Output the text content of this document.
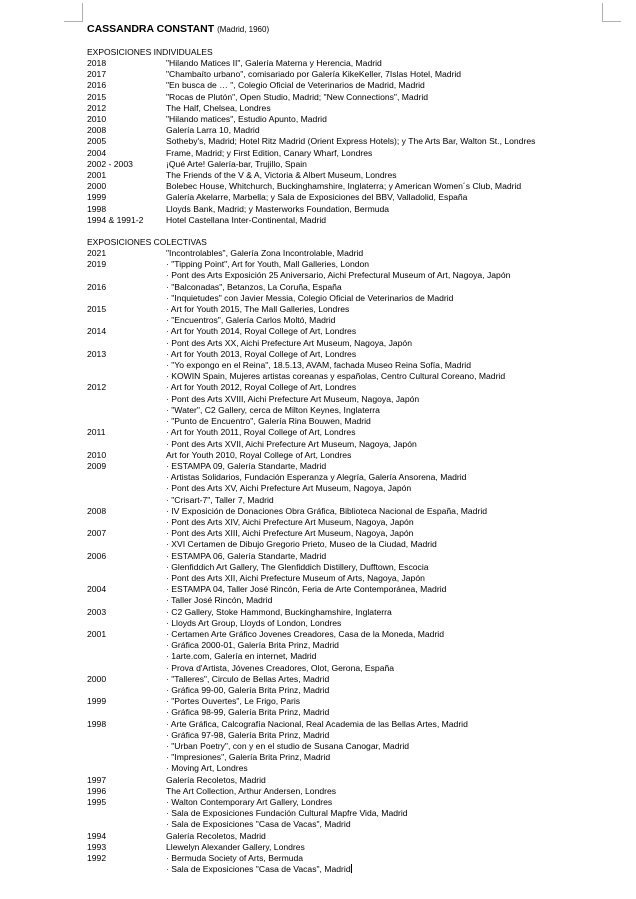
CASSANDRA CONSTANT (Madrid, 1960)
EXPOSICIONES INDIVIDUALES
2018	"Hilando Matices II", Galería Materna y Herencia, Madrid
2017	"Chambaíto urbano", comisariado por Galería KikeKeller, 7Islas Hotel, Madrid
2016	"En busca de … ", Colegio Oficial de Veterinarios de Madrid, Madrid
2015	"Rocas de Plutón", Open Studio, Madrid; "New Connections", Madrid
2012	The Half, Chelsea, Londres
2010	"Hilando matices", Estudio Apunto, Madrid
2008	Galería Larra 10, Madrid
2005	Sotheby's, Madrid; Hotel Ritz Madrid (Orient Express Hotels); y The Arts Bar, Walton St., Londres
2004	Frame, Madrid; y First Edition, Canary Wharf, Londres
2002 - 2003	¡Qué Arte! Galería-bar, Trujillo, Spain
2001	The Friends of the V & A, Victoria & Albert Museum, Londres
2000	Bolebec House, Whitchurch, Buckinghamshire, Inglaterra; y American Women´s Club, Madrid
1999	Galería Akelarre, Marbella; y Sala de Exposiciones del BBV, Valladolid, España
1998	Lloyds Bank, Madrid; y Masterworks Foundation, Bermuda
1994 & 1991-2	Hotel Castellana Inter-Continental, Madrid
EXPOSICIONES COLECTIVAS
2021	"Incontrolables", Galería Zona Incontrolable, Madrid
2019	· "Tipping Point", Art for Youth, Mall Galleries, London
· Pont des Arts Exposición 25 Aniversario, Aichi Prefectural Museum of Art, Nagoya, Japón
2016	· "Balconadas", Betanzos, La Coruña, España
· "Inquietudes" con Javier Messia, Colegio Oficial de Veterinarios de Madrid
2015	· Art for Youth 2015, The Mall Galleries, Londres
· "Encuentros", Galería Carlos Moltó, Madrid
2014	· Art for Youth 2014, Royal College of Art, Londres
· Pont des Arts XX, Aichi Prefecture Art Museum, Nagoya, Japón
2013	· Art for Youth 2013, Royal College of Art, Londres
· "Yo expongo en el Reina", 18.5.13, AVAM, fachada Museo Reina Sofía, Madrid
· KOWIN Spain, Mujeres artistas coreanas y españolas, Centro Cultural Coreano, Madrid
2012	· Art for Youth 2012, Royal College of Art, Londres
· Pont des Arts XVIII, Aichi Prefecture Art Museum, Nagoya, Japón
· "Water", C2 Gallery, cerca de Milton Keynes, Inglaterra
· "Punto de Encuentro", Galería Rina Bouwen, Madrid
2011	· Art for Youth 2011, Royal College of Art, Londres
· Pont des Arts XVII, Aichi Prefecture Art Museum, Nagoya, Japón
2010	Art for Youth 2010, Royal College of Art, Londres
2009	· ESTAMPA 09, Galería Standarte, Madrid
· Artistas Solidarios, Fundación Esperanza y Alegría, Galería Ansorena, Madrid
· Pont des Arts XV, Aichi Prefecture Art Museum, Nagoya, Japón
· "Crisart-7", Taller 7, Madrid
2008	· IV Exposición de Donaciones Obra Gráfica, Biblioteca Nacional de España, Madrid
· Pont des Arts XIV, Aichi Prefecture Art Museum, Nagoya, Japón
2007	· Pont des Arts XIII, Aichi Prefecture Art Museum, Nagoya, Japón
· XVI Certamen de Dibujo Gregorio Prieto, Museo de la Ciudad, Madrid
2006	· ESTAMPA 06, Galería Standarte, Madrid
· Glenfiddich Art Gallery, The Glenfiddich Distillery, Dufftown, Escocia
· Pont des Arts XII, Aichi Prefecture Museum of Arts, Nagoya, Japón
2004	· ESTAMPA 04, Taller José Rincón, Feria de Arte Contemporánea, Madrid
· Taller José Rincón, Madrid
2003	· C2 Gallery, Stoke Hammond, Buckinghamshire, Inglaterra
· Lloyds Art Group, Lloyds of London, Londres
2001	· Certamen Arte Gráfico Jovenes Creadores, Casa de la Moneda, Madrid
· Gráfica 2000-01, Galería Brita Prinz, Madrid
· 1arte.com, Galería en internet, Madrid
· Prova d'Artista, Jóvenes Creadores, Olot, Gerona, España
2000	· "Talleres", Circulo de Bellas Artes, Madrid
· Gráfica 99-00, Galería Brita Prinz, Madrid
1999	· "Portes Ouvertes", Le Frigo, Paris
· Gráfica 98-99, Galería Brita Prinz, Madrid
1998	· Arte Gráfica, Calcografía Nacional, Real Academia de las Bellas Artes, Madrid
· Gráfica 97-98, Galería Brita Prinz, Madrid
· "Urban Poetry", con y en el studio de Susana Canogar, Madrid
· "Impresiones", Galería Brita Prinz, Madrid
· Moving Art, Londres
1997	Galería Recoletos, Madrid
1996	The Art Collection, Arthur Andersen, Londres
1995	· Walton Contemporary Art Gallery, Londres
· Sala de Exposiciones Fundación Cultural Mapfre Vida, Madrid
· Sala de Exposiciones "Casa de Vacas", Madrid
1994	Galería Recoletos, Madrid
1993	Llewelyn Alexander Gallery, Londres
1992	· Bermuda Society of Arts, Bermuda
· Sala de Exposiciones "Casa de Vacas", Madrid
